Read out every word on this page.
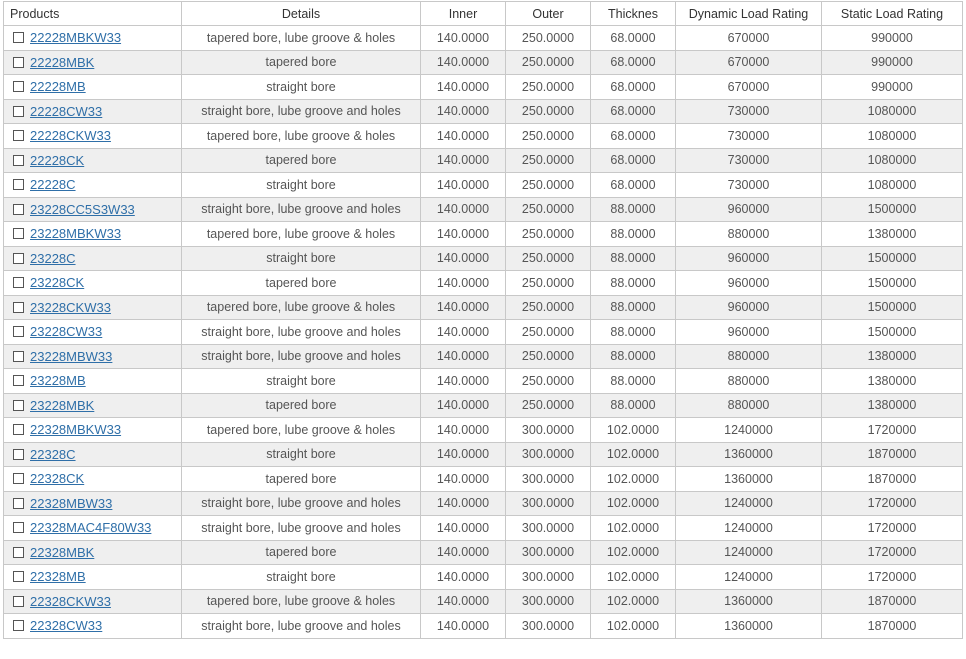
Products	Details	Inner	Outer	Thicknes	Dynamic Load Rating	Static Load Rating
22228MBKW33	tapered bore, lube groove & holes	140.0000	250.0000	68.0000	670000	990000
22228MBK	tapered bore	140.0000	250.0000	68.0000	670000	990000
22228MB	straight bore	140.0000	250.0000	68.0000	670000	990000
22228CW33	straight bore, lube groove and holes	140.0000	250.0000	68.0000	730000	1080000
22228CKW33	tapered bore, lube groove & holes	140.0000	250.0000	68.0000	730000	1080000
22228CK	tapered bore	140.0000	250.0000	68.0000	730000	1080000
22228C	straight bore	140.0000	250.0000	68.0000	730000	1080000
23228CC5S3W33	straight bore, lube groove and holes	140.0000	250.0000	88.0000	960000	1500000
23228MBKW33	tapered bore, lube groove & holes	140.0000	250.0000	88.0000	880000	1380000
23228C	straight bore	140.0000	250.0000	88.0000	960000	1500000
23228CK	tapered bore	140.0000	250.0000	88.0000	960000	1500000
23228CKW33	tapered bore, lube groove & holes	140.0000	250.0000	88.0000	960000	1500000
23228CW33	straight bore, lube groove and holes	140.0000	250.0000	88.0000	960000	1500000
23228MBW33	straight bore, lube groove and holes	140.0000	250.0000	88.0000	880000	1380000
23228MB	straight bore	140.0000	250.0000	88.0000	880000	1380000
23228MBK	tapered bore	140.0000	250.0000	88.0000	880000	1380000
22328MBKW33	tapered bore, lube groove & holes	140.0000	300.0000	102.0000	1240000	1720000
22328C	straight bore	140.0000	300.0000	102.0000	1360000	1870000
22328CK	tapered bore	140.0000	300.0000	102.0000	1360000	1870000
22328MBW33	straight bore, lube groove and holes	140.0000	300.0000	102.0000	1240000	1720000
22328MAC4F80W33	straight bore, lube groove and holes	140.0000	300.0000	102.0000	1240000	1720000
22328MBK	tapered bore	140.0000	300.0000	102.0000	1240000	1720000
22328MB	straight bore	140.0000	300.0000	102.0000	1240000	1720000
22328CKW33	tapered bore, lube groove & holes	140.0000	300.0000	102.0000	1360000	1870000
22328CW33	straight bore, lube groove and holes	140.0000	300.0000	102.0000	1360000	1870000
